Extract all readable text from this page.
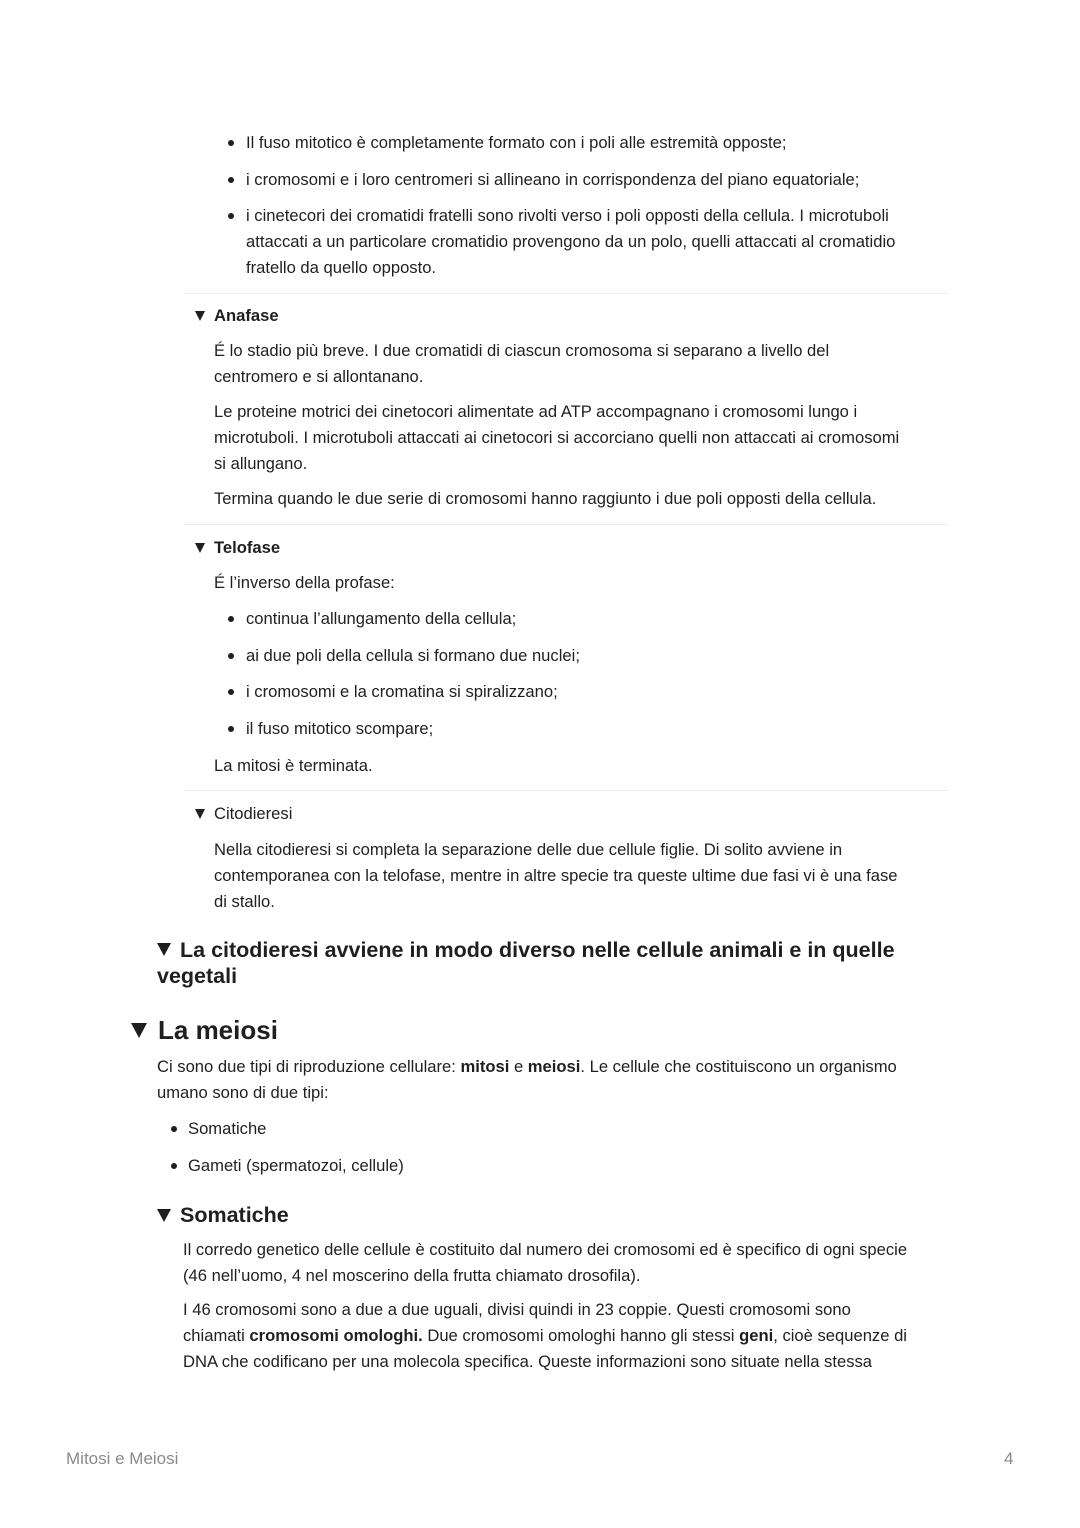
Il fuso mitotico è completamente formato con i poli alle estremità opposte;
i cromosomi e i loro centromeri si allineano in corrispondenza del piano equatoriale;
i cinetecori dei cromatidi fratelli sono rivolti verso i poli opposti della cellula. I microtuboli
attaccati a un particolare cromatidio provengono da un polo, quelli attaccati al cromatidio
fratello da quello opposto.
Anafase
É lo stadio più breve. I due cromatidi di ciascun cromosoma si separano a livello del
centromero e si allontanano.
Le proteine motrici dei cinetocori alimentate ad ATP accompagnano i cromosomi lungo i
microtuboli. I microtuboli attaccati ai cinetocori si accorciano quelli non attaccati ai cromosomi
si allungano.
Termina quando le due serie di cromosomi hanno raggiunto i due poli opposti della cellula.
Telofase
É l’inverso della profase:
continua l’allungamento della cellula;
ai due poli della cellula si formano due nuclei;
i cromosomi e la cromatina si spiralizzano;
il fuso mitotico scompare;
La mitosi è terminata.
Citodieresi
Nella citodieresi si completa la separazione delle due cellule figlie. Di solito avviene in
contemporanea con la telofase, mentre in altre specie tra queste ultime due fasi vi è una fase
di stallo.
La citodieresi avviene in modo diverso nelle cellule animali e in quelle
vegetali
La meiosi
Ci sono due tipi di riproduzione cellulare: mitosi e meiosi. Le cellule che costituiscono un organismo
umano sono di due tipi:
Somatiche
Gameti (spermatozoi, cellule)
Somatiche
Il corredo genetico delle cellule è costituito dal numero dei cromosomi ed è specifico di ogni specie
(46 nell’uomo, 4 nel moscerino della frutta chiamato drosofila).
I 46 cromosomi sono a due a due uguali, divisi quindi in 23 coppie. Questi cromosomi sono
chiamati cromosomi omologhi. Due cromosomi omologhi hanno gli stessi geni, cioè sequenze di
DNA che codificano per una molecola specifica. Queste informazioni sono situate nella stessa
Mitosi e Meiosi	4
